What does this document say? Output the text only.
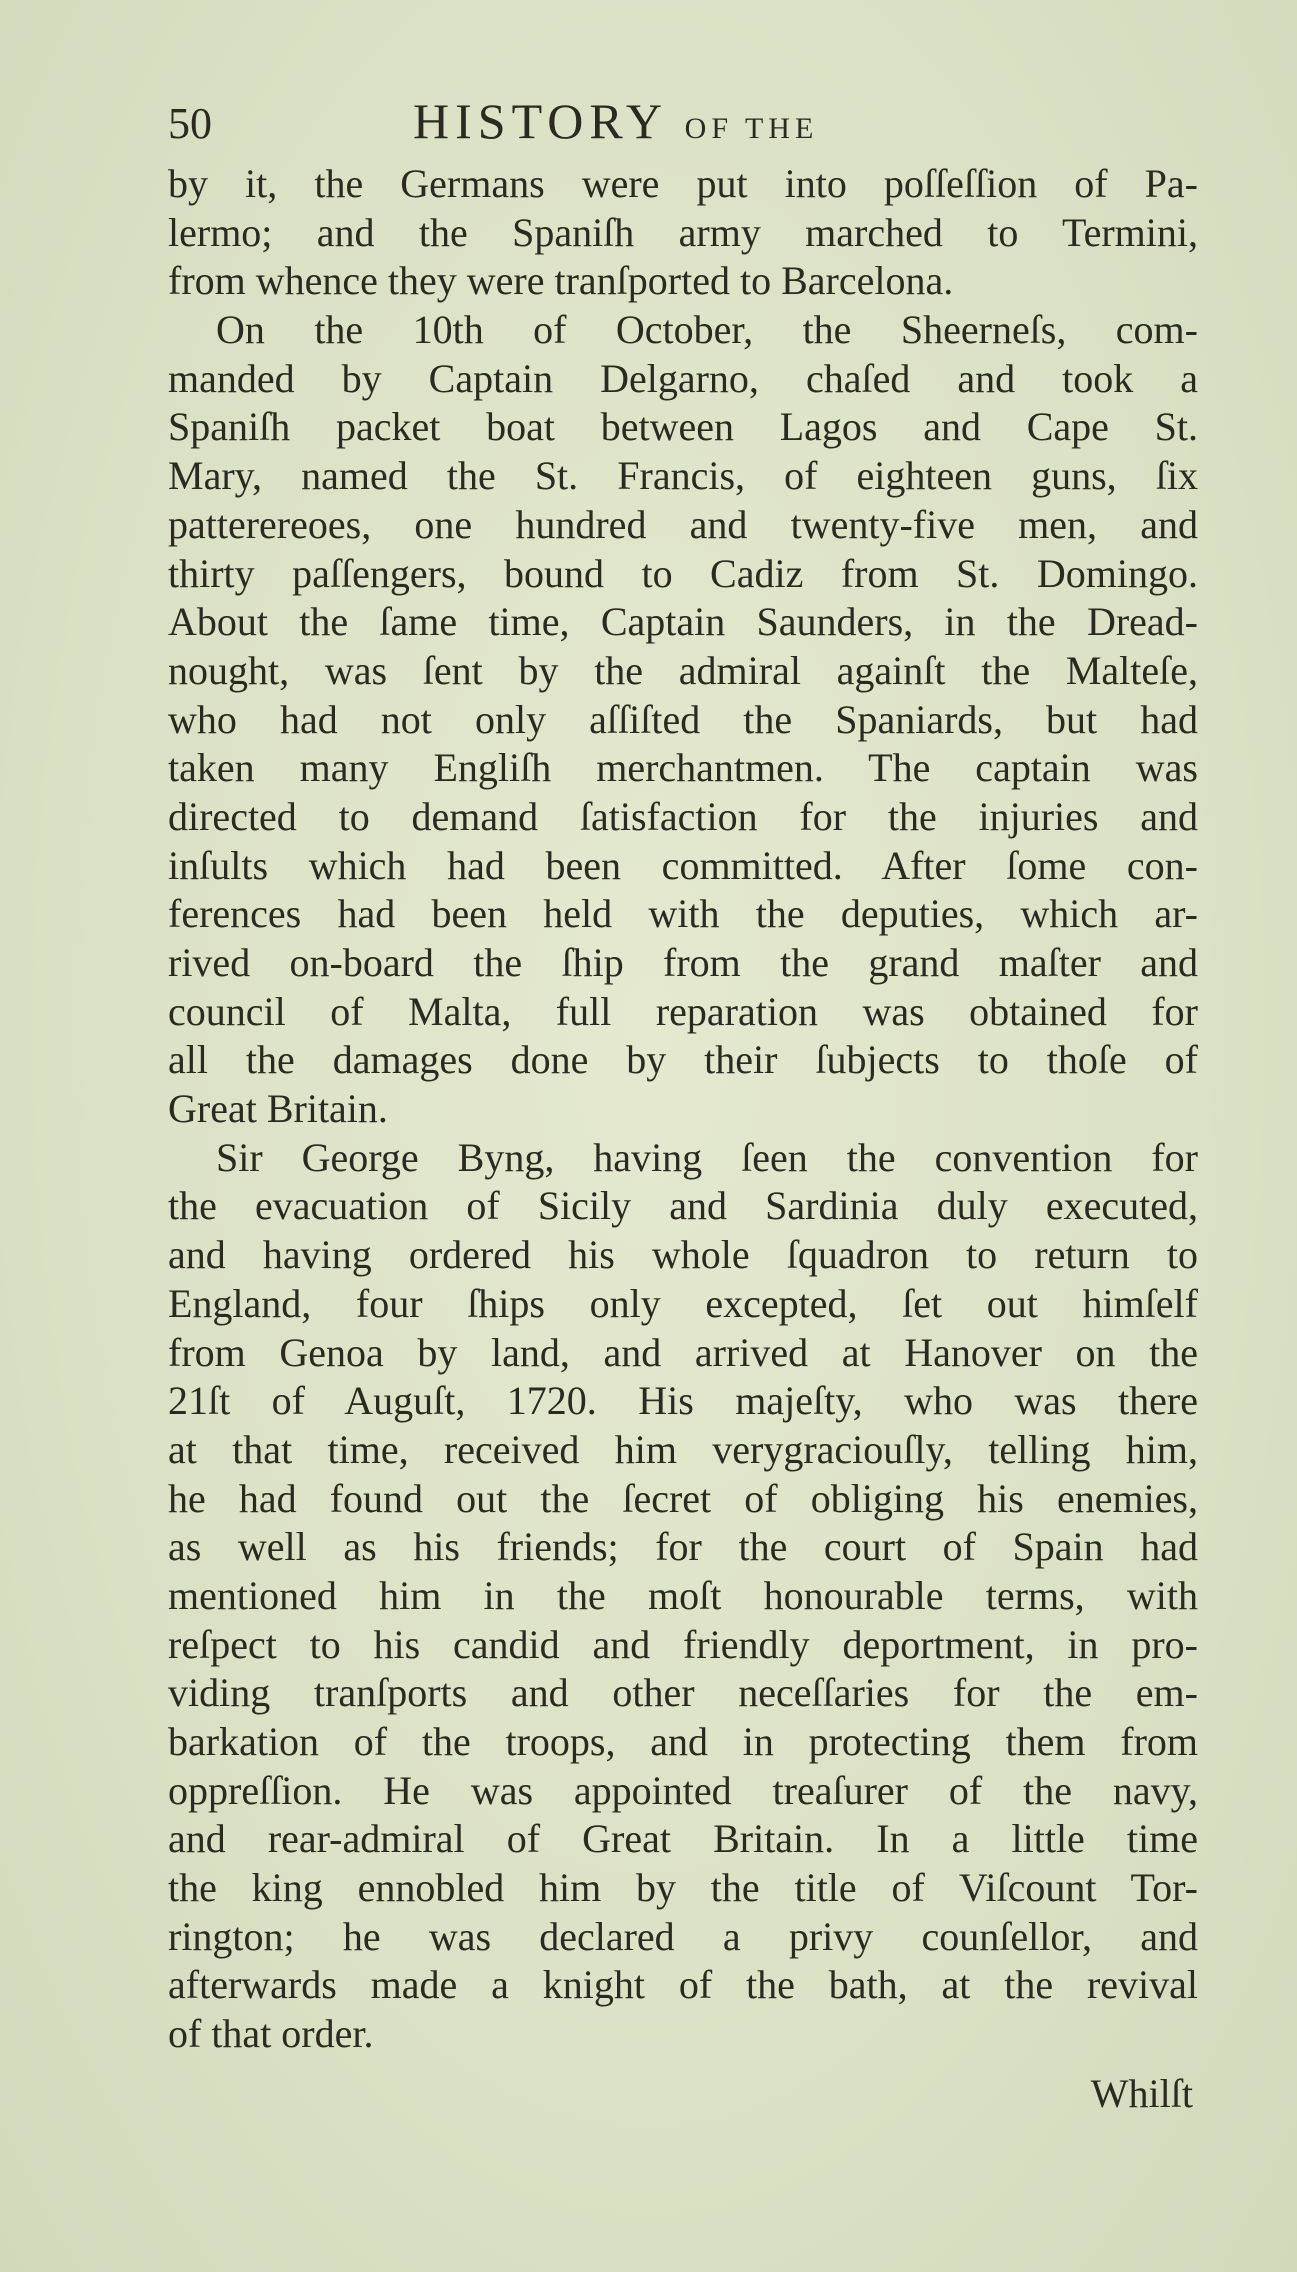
50	HISTORY OF THE
by it, the Germans were put into poſſeſſion of Pa-
lermo; and the Spaniſh army marched to Termini,
from whence they were tranſported to Barcelona.
On the 10th of October, the Sheerneſs, com-
manded by Captain Delgarno, chaſed and took a
Spaniſh packet boat between Lagos and Cape St.
Mary, named the St. Francis, of eighteen guns, ſix
patterereoes, one hundred and twenty-five men, and
thirty paſſengers, bound to Cadiz from St. Domingo.
About the ſame time, Captain Saunders, in the Dread-
nought, was ſent by the admiral againſt the Malteſe,
who had not only aſſiſted the Spaniards, but had
taken many Engliſh merchantmen. The captain was
directed to demand ſatisfaction for the injuries and
inſults which had been committed. After ſome con-
ferences had been held with the deputies, which ar-
rived on-board the ſhip from the grand maſter and
council of Malta, full reparation was obtained for
all the damages done by their ſubjects to thoſe of
Great Britain.
Sir George Byng, having ſeen the convention for
the evacuation of Sicily and Sardinia duly executed,
and having ordered his whole ſquadron to return to
England, four ſhips only excepted, ſet out himſelf
from Genoa by land, and arrived at Hanover on the
21ſt of Auguſt, 1720. His majeſty, who was there
at that time, received him verygraciouſly, telling him,
he had found out the ſecret of obliging his enemies,
as well as his friends; for the court of Spain had
mentioned him in the moſt honourable terms, with
reſpect to his candid and friendly deportment, in pro-
viding tranſports and other neceſſaries for the em-
barkation of the troops, and in protecting them from
oppreſſion. He was appointed treaſurer of the navy,
and rear-admiral of Great Britain. In a little time
the king ennobled him by the title of Viſcount Tor-
rington; he was declared a privy counſellor, and
afterwards made a knight of the bath, at the revival
of that order.
Whilſt
